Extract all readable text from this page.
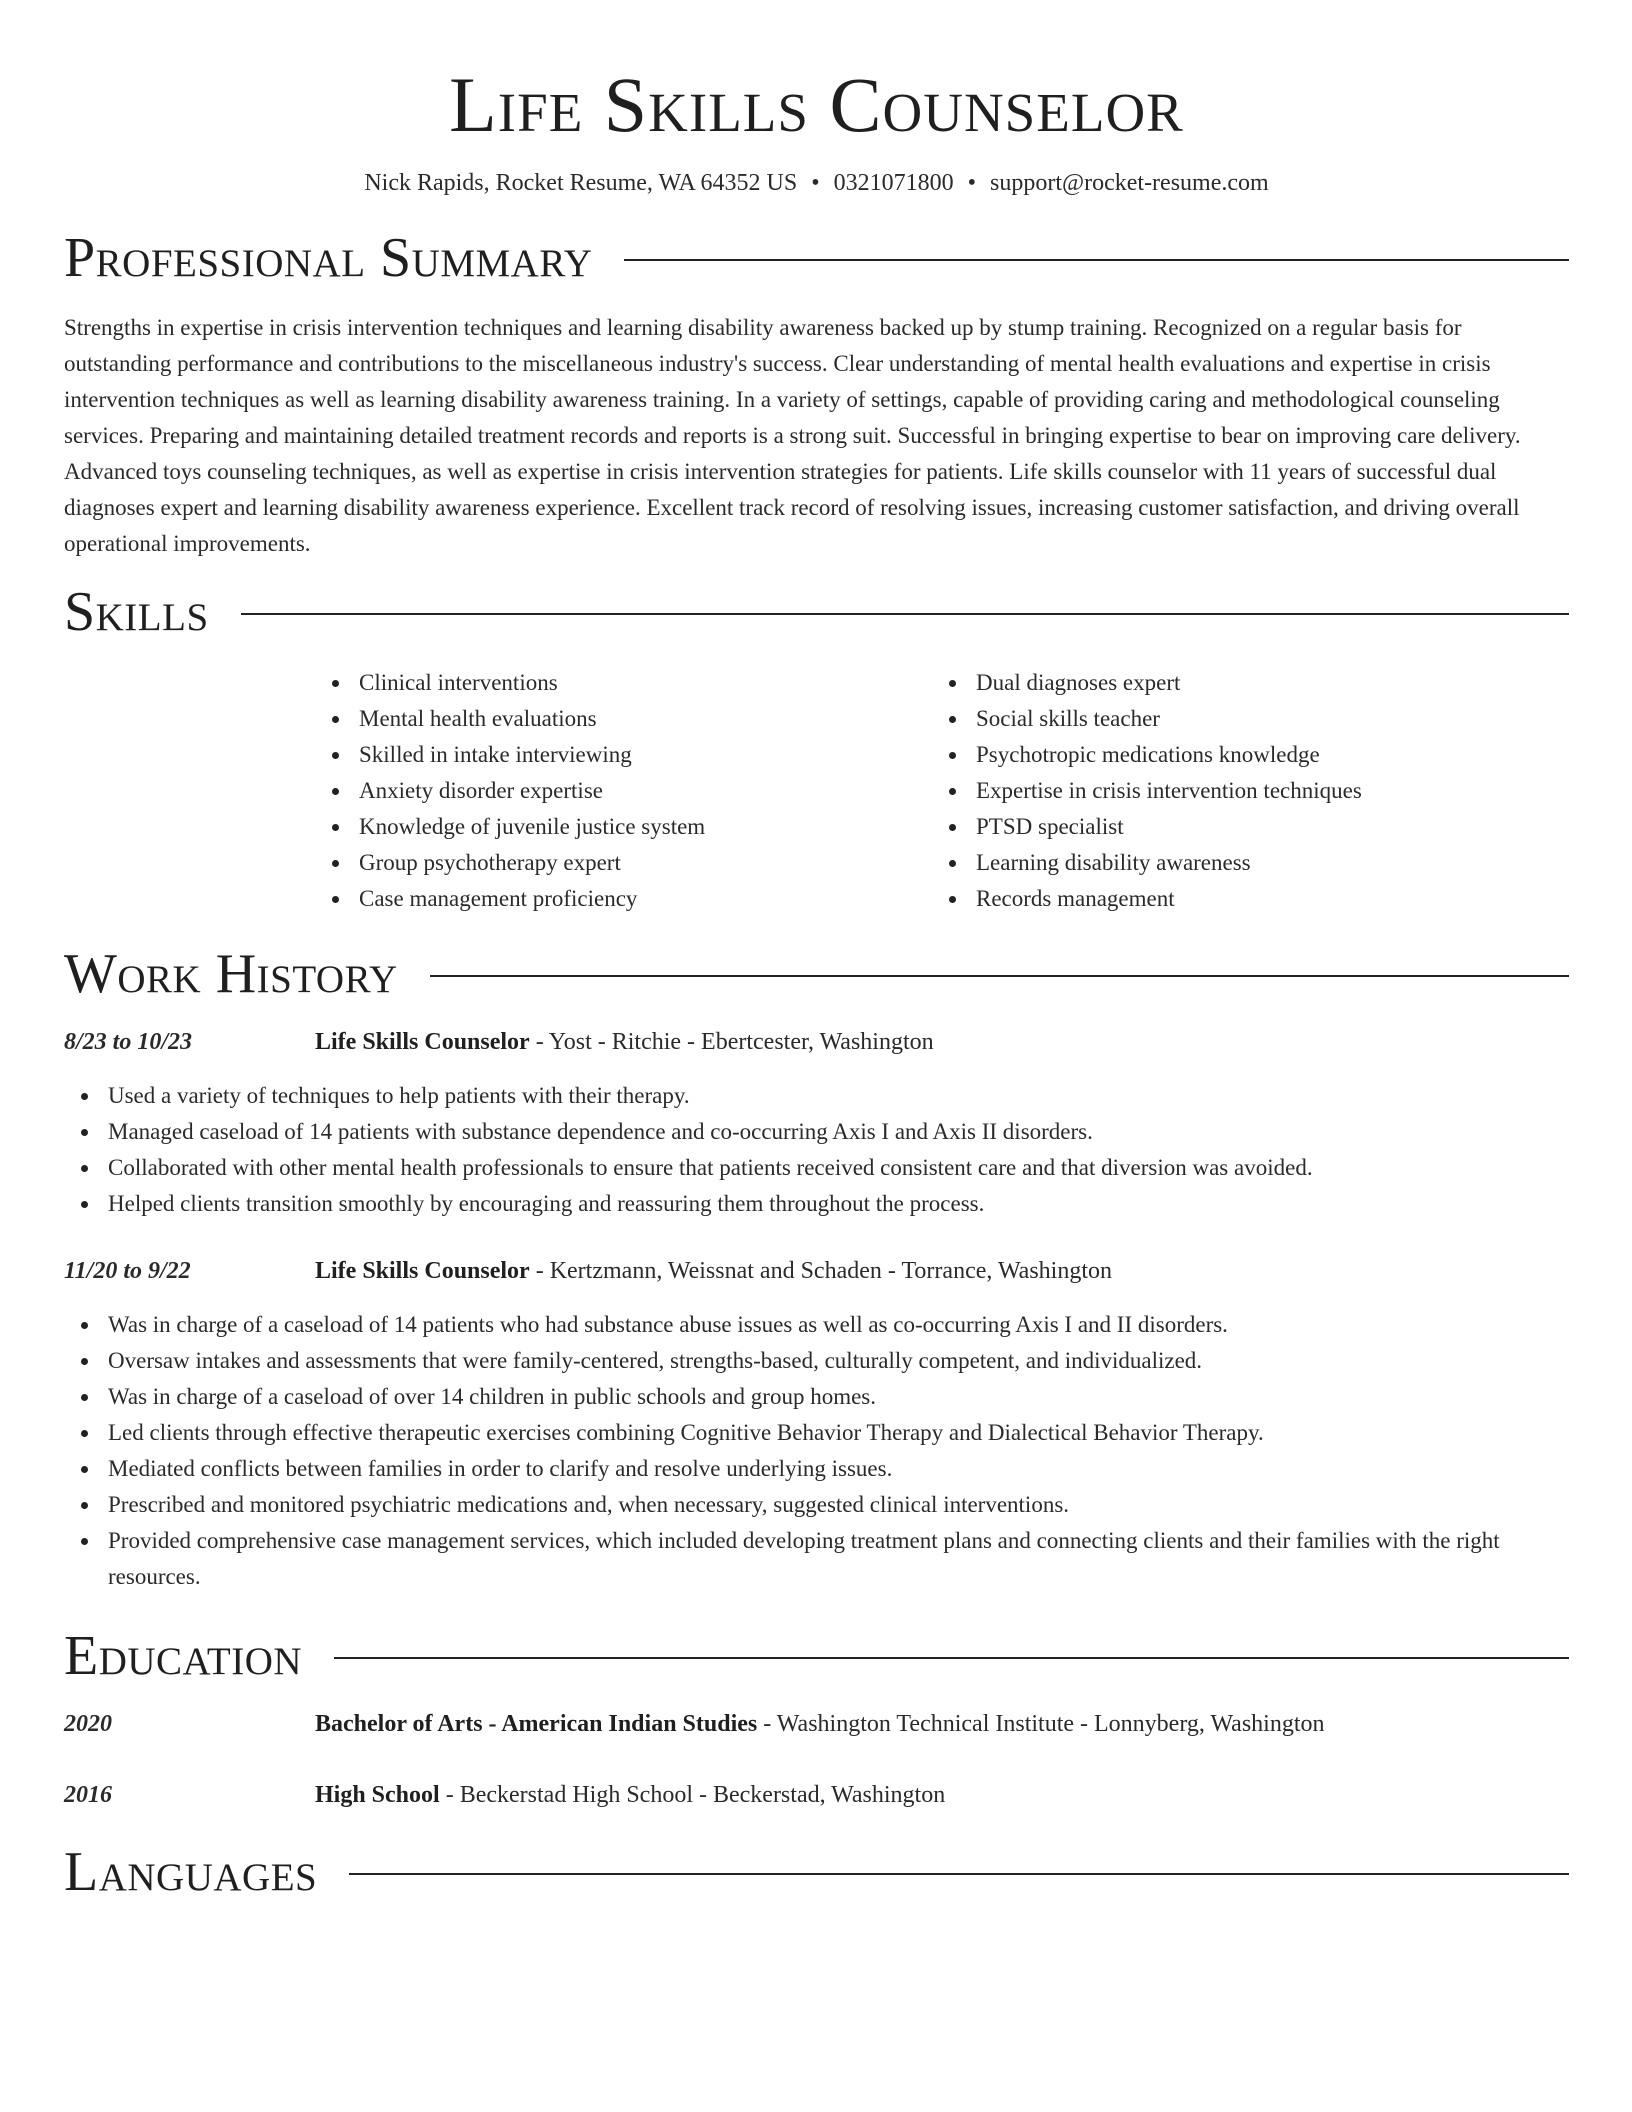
Life Skills Counselor
Nick Rapids, Rocket Resume, WA 64352 US • 0321071800 • support@rocket-resume.com
Professional Summary

Strengths in expertise in crisis intervention techniques and learning disability awareness backed up by stump training. Recognized on a regular basis for outstanding performance and contributions to the miscellaneous industry's success. Clear understanding of mental health evaluations and expertise in crisis intervention techniques as well as learning disability awareness training. In a variety of settings, capable of providing caring and methodological counseling services. Preparing and maintaining detailed treatment records and reports is a strong suit. Successful in bringing expertise to bear on improving care delivery. Advanced toys counseling techniques, as well as expertise in crisis intervention strategies for patients. Life skills counselor with 11 years of successful dual diagnoses expert and learning disability awareness experience. Excellent track record of resolving issues, increasing customer satisfaction, and driving overall operational improvements.

Skills
Clinical interventions
Mental health evaluations
Skilled in intake interviewing
Anxiety disorder expertise
Knowledge of juvenile justice system
Group psychotherapy expert
Case management proficiency
Dual diagnoses expert
Social skills teacher
Psychotropic medications knowledge
Expertise in crisis intervention techniques
PTSD specialist
Learning disability awareness
Records management
Work History
8/23 to 10/23	Life Skills Counselor - Yost - Ritchie - Ebertcester, Washington
Used a variety of techniques to help patients with their therapy.
Managed caseload of 14 patients with substance dependence and co-occurring Axis I and Axis II disorders.
Collaborated with other mental health professionals to ensure that patients received consistent care and that diversion was avoided.
Helped clients transition smoothly by encouraging and reassuring them throughout the process.
11/20 to 9/22	Life Skills Counselor - Kertzmann, Weissnat and Schaden - Torrance, Washington
Was in charge of a caseload of 14 patients who had substance abuse issues as well as co-occurring Axis I and II disorders.
Oversaw intakes and assessments that were family-centered, strengths-based, culturally competent, and individualized.
Was in charge of a caseload of over 14 children in public schools and group homes.
Led clients through effective therapeutic exercises combining Cognitive Behavior Therapy and Dialectical Behavior Therapy.
Mediated conflicts between families in order to clarify and resolve underlying issues.
Prescribed and monitored psychiatric medications and, when necessary, suggested clinical interventions.
Provided comprehensive case management services, which included developing treatment plans and connecting clients and their families with the right resources.
Education
2020	Bachelor of Arts - American Indian Studies - Washington Technical Institute - Lonnyberg, Washington
2016	High School - Beckerstad High School - Beckerstad, Washington
Languages
